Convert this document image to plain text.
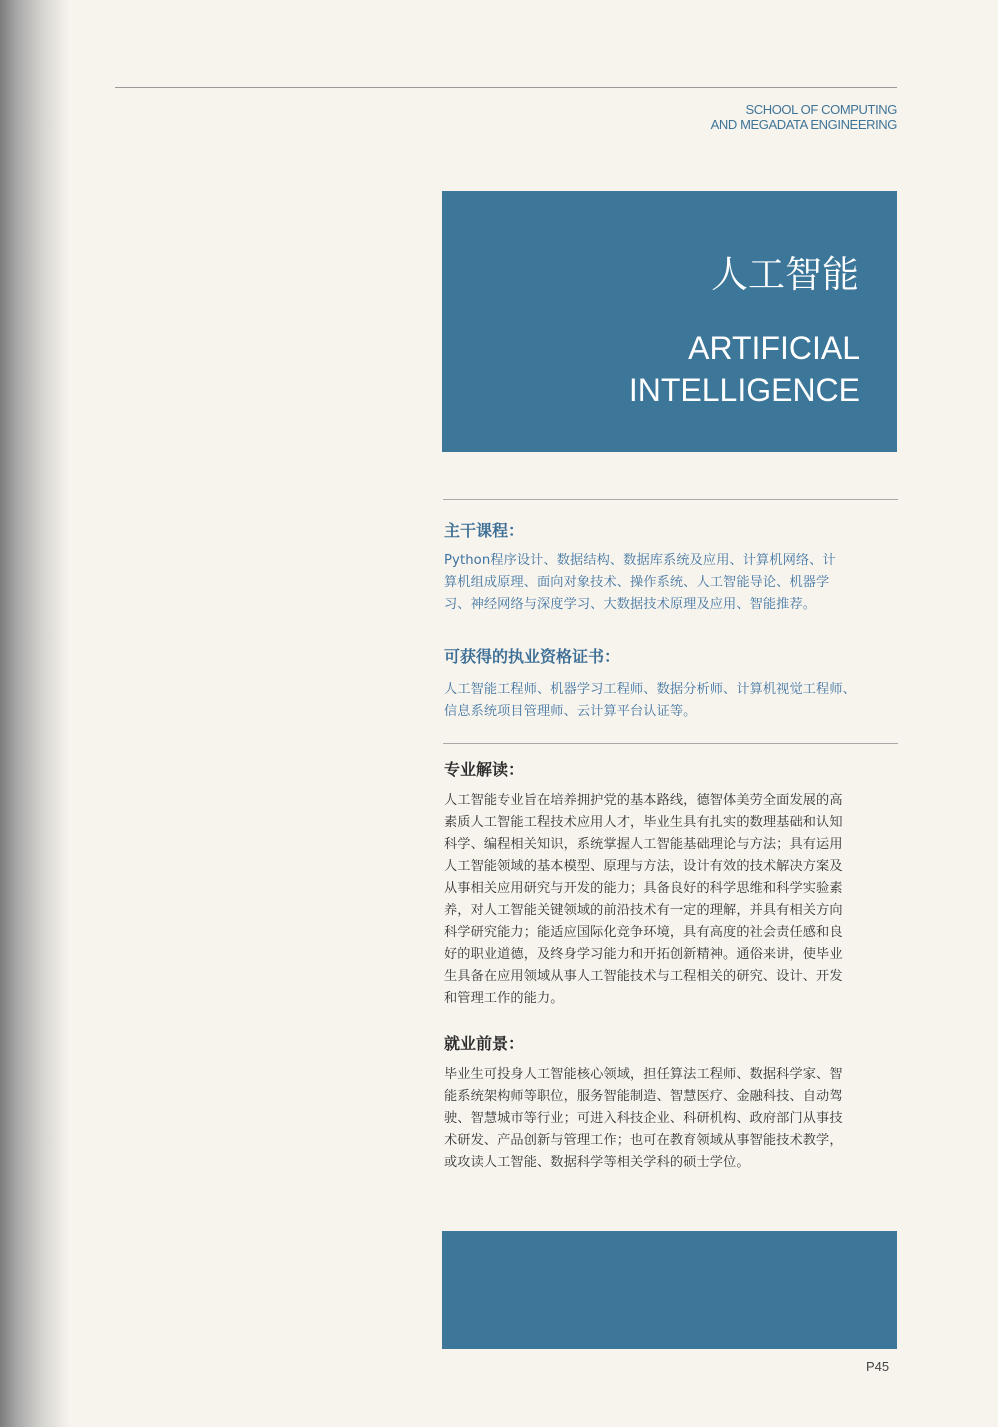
SCHOOL OF COMPUTING
AND MEGADATA ENGINEERING
人工智能
ARTIFICIAL
INTELLIGENCE
主干课程：
Python程序设计、数据结构、数据库系统及应用、计算机网络、计
算机组成原理、面向对象技术、操作系统、人工智能导论、机器学
习、神经网络与深度学习、大数据技术原理及应用、智能推荐。
可获得的执业资格证书：
人工智能工程师、机器学习工程师、数据分析师、计算机视觉工程师、
信息系统项目管理师、云计算平台认证等。
专业解读：
人工智能专业旨在培养拥护党的基本路线，德智体美劳全面发展的高
素质人工智能工程技术应用人才，毕业生具有扎实的数理基础和认知
科学、编程相关知识，系统掌握人工智能基础理论与方法；具有运用
人工智能领域的基本模型、原理与方法，设计有效的技术解决方案及
从事相关应用研究与开发的能力；具备良好的科学思维和科学实验素
养，对人工智能关键领域的前沿技术有一定的理解，并具有相关方向
科学研究能力；能适应国际化竞争环境，具有高度的社会责任感和良
好的职业道德，及终身学习能力和开拓创新精神。通俗来讲，使毕业
生具备在应用领域从事人工智能技术与工程相关的研究、设计、开发
和管理工作的能力。
就业前景：
毕业生可投身人工智能核心领域，担任算法工程师、数据科学家、智
能系统架构师等职位，服务智能制造、智慧医疗、金融科技、自动驾
驶、智慧城市等行业；可进入科技企业、科研机构、政府部门从事技
术研发、产品创新与管理工作；也可在教育领域从事智能技术教学，
或攻读人工智能、数据科学等相关学科的硕士学位。
P45
